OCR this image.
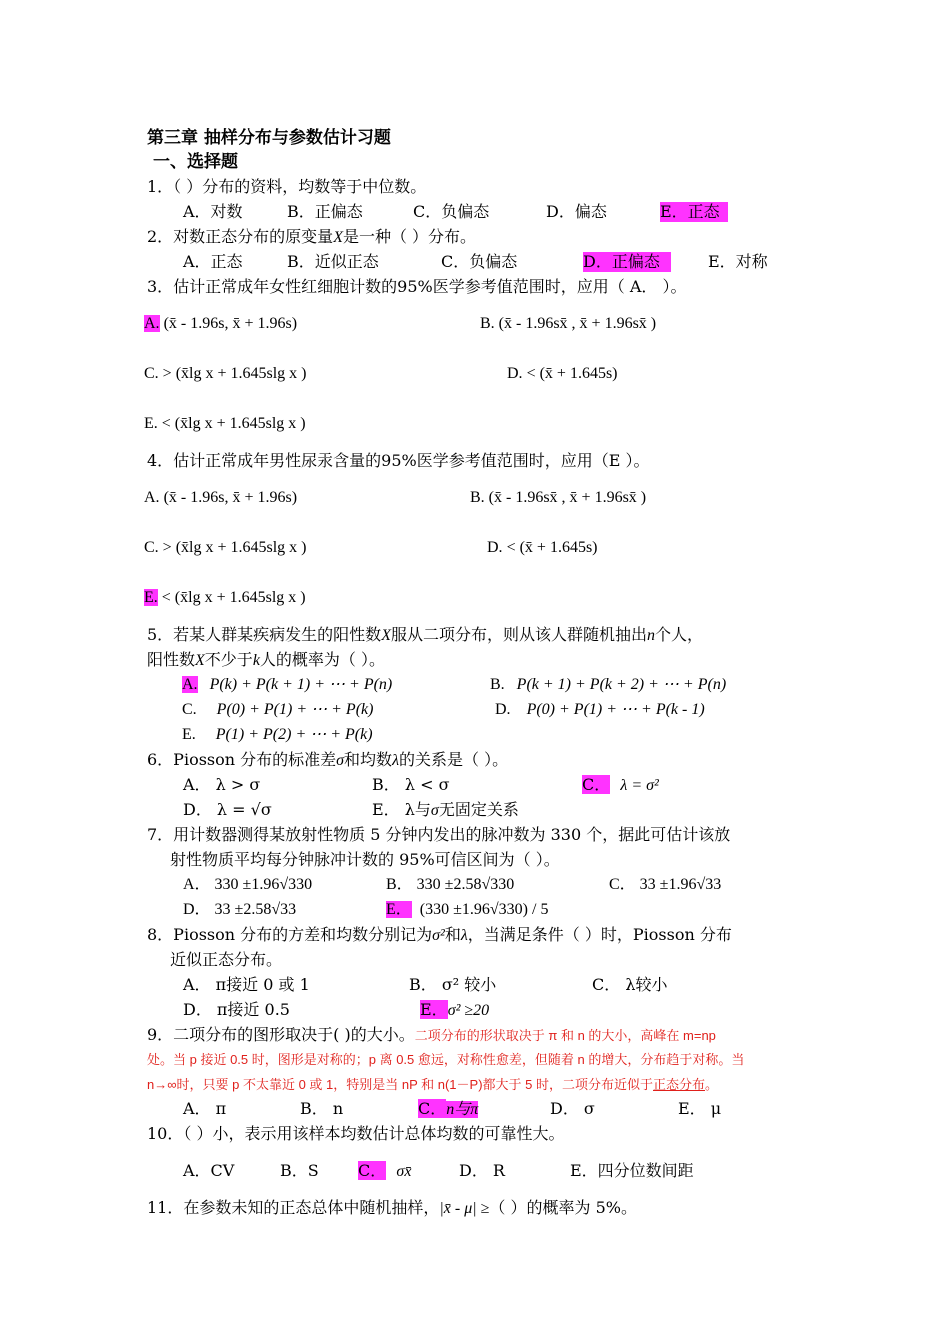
第三章 抽样分布与参数估计习题
一、选择题
1．（ ）分布的资料，均数等于中位数。
A．对数	B．正偏态	C．负偏态	D．偏态	E．正态
2．对数正态分布的原变量X是一种（ ）分布。
A．正态	B．近似正态	C．负偏态	D．正偏态	E．对称
3．估计正常成年女性红细胞计数的95%医学参考值范围时，应用（ A． ）。
A. (x̄ - 1.96s, x̄ + 1.96s)	B. (x̄ - 1.96sx̄ , x̄ + 1.96sx̄ )
C. > (x̄lg x + 1.645slg x )	D. < (x̄ + 1.645s)
E. < (x̄lg x + 1.645slg x )
4．估计正常成年男性尿汞含量的95%医学参考值范围时，应用（E ）。
A. (x̄ - 1.96s, x̄ + 1.96s)	B. (x̄ - 1.96sx̄ , x̄ + 1.96sx̄ )
C. > (x̄lg x + 1.645slg x )	D. < (x̄ + 1.645s)
E. < (x̄lg x + 1.645slg x )
5．若某人群某疾病发生的阳性数X服从二项分布，则从该人群随机抽出n个人，
阳性数X不少于k人的概率为（ ）。
A. P(k) + P(k + 1) + ⋯ + P(n)	B. P(k + 1) + P(k + 2) + ⋯ + P(n)
C. P(0) + P(1) + ⋯ + P(k)	D. P(0) + P(1) + ⋯ + P(k - 1)
E. P(1) + P(2) + ⋯ + P(k)
6．Piosson 分布的标准差σ和均数λ的关系是（ ）。
A． λ > σ	B． λ < σ	C． λ = σ²
D． λ = √σ	E． λ与σ无固定关系
7．用计数器测得某放射性物质 5 分钟内发出的脉冲数为 330 个，据此可估计该放
射性物质平均每分钟脉冲计数的 95%可信区间为（ ）。
A． 330 ±1.96√330	B． 330 ±2.58√330	C． 33 ±1.96√33
D． 33 ±2.58√33	E． (330 ±1.96√330) / 5
8．Piosson 分布的方差和均数分别记为σ²和λ，当满足条件（ ）时，Piosson 分布
近似正态分布。
A． π接近 0 或 1	B． σ² 较小	C． λ较小
D． π接近 0.5	E．σ² ≥20
9．二项分布的图形取决于( )的大小。二项分布的形状取决于 π 和 n 的大小，高峰在 m=np
处。当 p 接近 0.5 时，图形是对称的；p 离 0.5 愈远，对称性愈差，但随着 n 的增大，分布趋于对称。当
n→∞时，只要 p 不太靠近 0 或 1，特别是当 nP 和 n(1－P)都大于 5 时，二项分布近似于正态分布。
A． π	B． n	C．n与π	D． σ	E． μ
10．（ ）小，表示用该样本均数估计总体均数的可靠性大。
A．CV	B．S C． σx̄	D． R	E．四分位数间距
11．在参数未知的正态总体中随机抽样，|x̄ - μ| ≥（ ）的概率为 5%。
